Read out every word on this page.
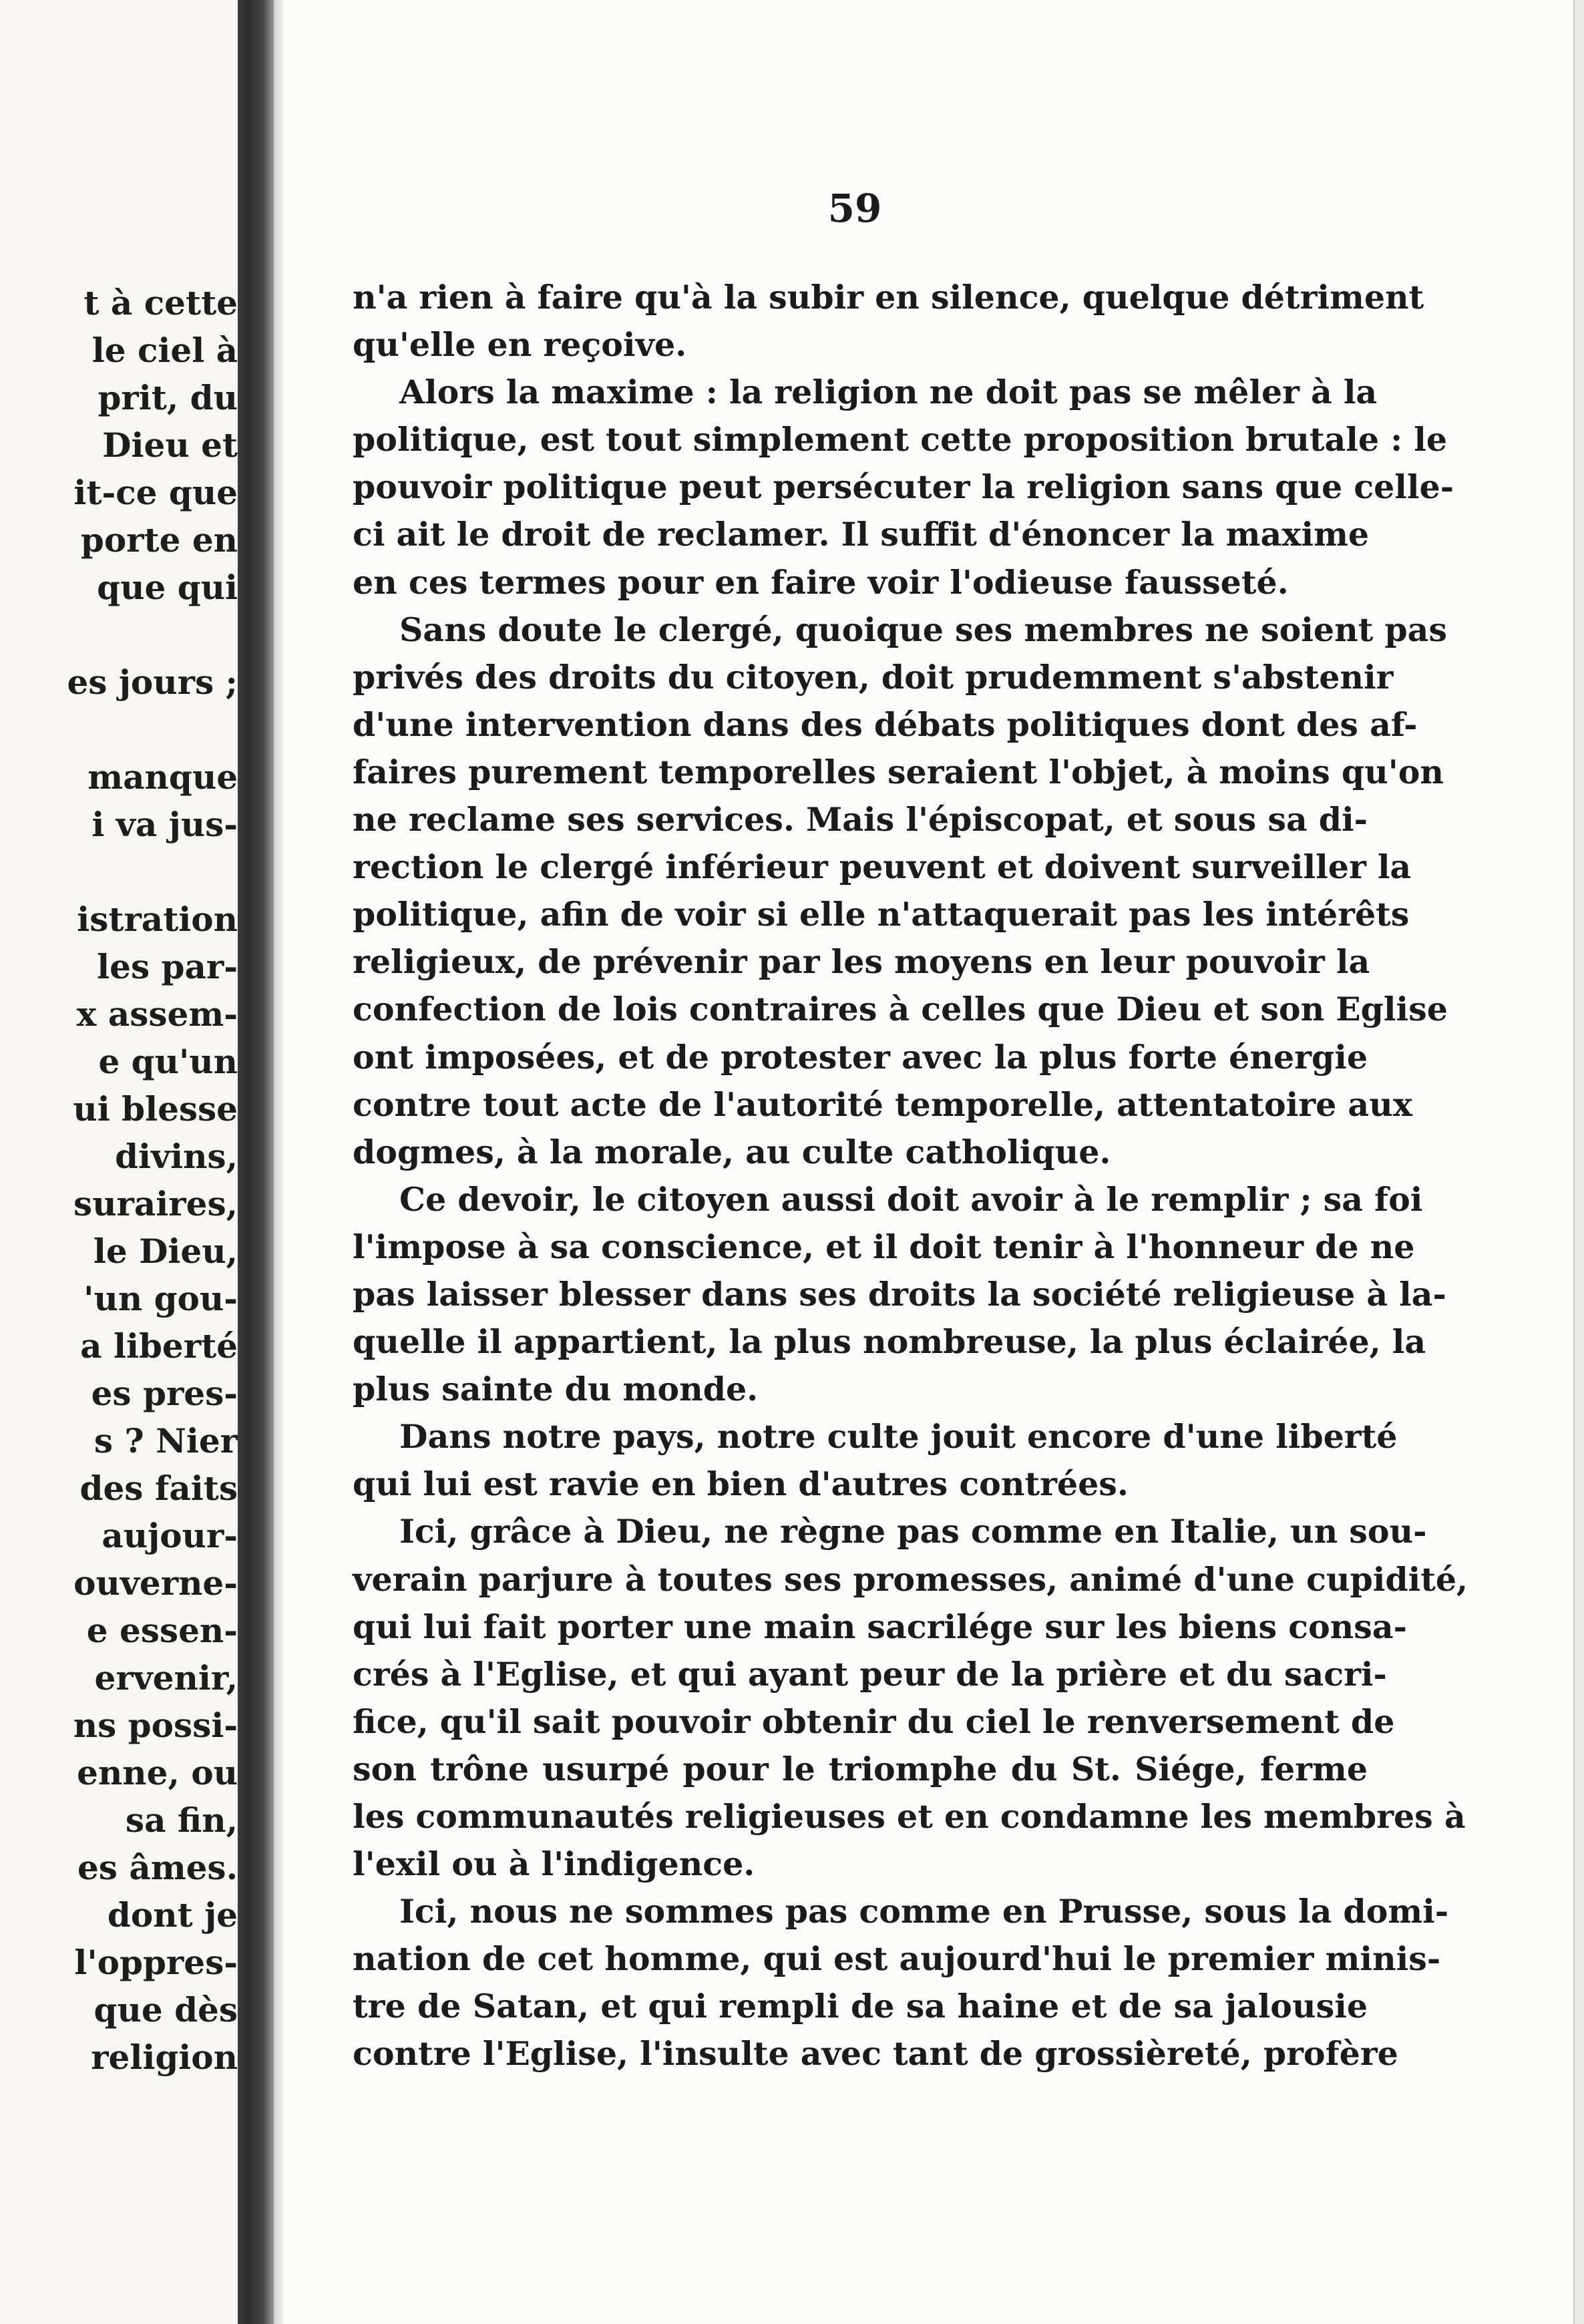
t à cette
le ciel à
prit, du
Dieu et
it-ce que
porte en
que qui
es jours ;
manque
i va jus-
istration
les par-
x assem-
e qu'un
ui blesse
divins,
suraires,
le Dieu,
'un gou-
a liberté
es pres-
s ? Nier
des faits
aujour-
ouverne-
e essen-
ervenir,
ns possi-
enne, ou
sa fin,
es âmes.
dont je
l'oppres-
que dès
religion
59
n'a rien à faire qu'à la subir en silence, quelque détriment
qu'elle en reçoive.
Alors la maxime : la religion ne doit pas se mêler à la
politique, est tout simplement cette proposition brutale : le
pouvoir politique peut persécuter la religion sans que celle-
ci ait le droit de reclamer. Il suffit d'énoncer la maxime
en ces termes pour en faire voir l'odieuse fausseté.
Sans doute le clergé, quoique ses membres ne soient pas
privés des droits du citoyen, doit prudemment s'abstenir
d'une intervention dans des débats politiques dont des af-
faires purement temporelles seraient l'objet, à moins qu'on
ne reclame ses services. Mais l'épiscopat, et sous sa di-
rection le clergé inférieur peuvent et doivent surveiller la
politique, afin de voir si elle n'attaquerait pas les intérêts
religieux, de prévenir par les moyens en leur pouvoir la
confection de lois contraires à celles que Dieu et son Eglise
ont imposées, et de protester avec la plus forte énergie
contre tout acte de l'autorité temporelle, attentatoire aux
dogmes, à la morale, au culte catholique.
Ce devoir, le citoyen aussi doit avoir à le remplir ; sa foi
l'impose à sa conscience, et il doit tenir à l'honneur de ne
pas laisser blesser dans ses droits la société religieuse à la-
quelle il appartient, la plus nombreuse, la plus éclairée, la
plus sainte du monde.
Dans notre pays, notre culte jouit encore d'une liberté
qui lui est ravie en bien d'autres contrées.
Ici, grâce à Dieu, ne règne pas comme en Italie, un sou-
verain parjure à toutes ses promesses, animé d'une cupidité,
qui lui fait porter une main sacrilége sur les biens consa-
crés à l'Eglise, et qui ayant peur de la prière et du sacri-
fice, qu'il sait pouvoir obtenir du ciel le renversement de
son trône usurpé pour le triomphe du St. Siége, ferme
les communautés religieuses et en condamne les membres à
l'exil ou à l'indigence.
Ici, nous ne sommes pas comme en Prusse, sous la domi-
nation de cet homme, qui est aujourd'hui le premier minis-
tre de Satan, et qui rempli de sa haine et de sa jalousie
contre l'Eglise, l'insulte avec tant de grossièreté, profère
